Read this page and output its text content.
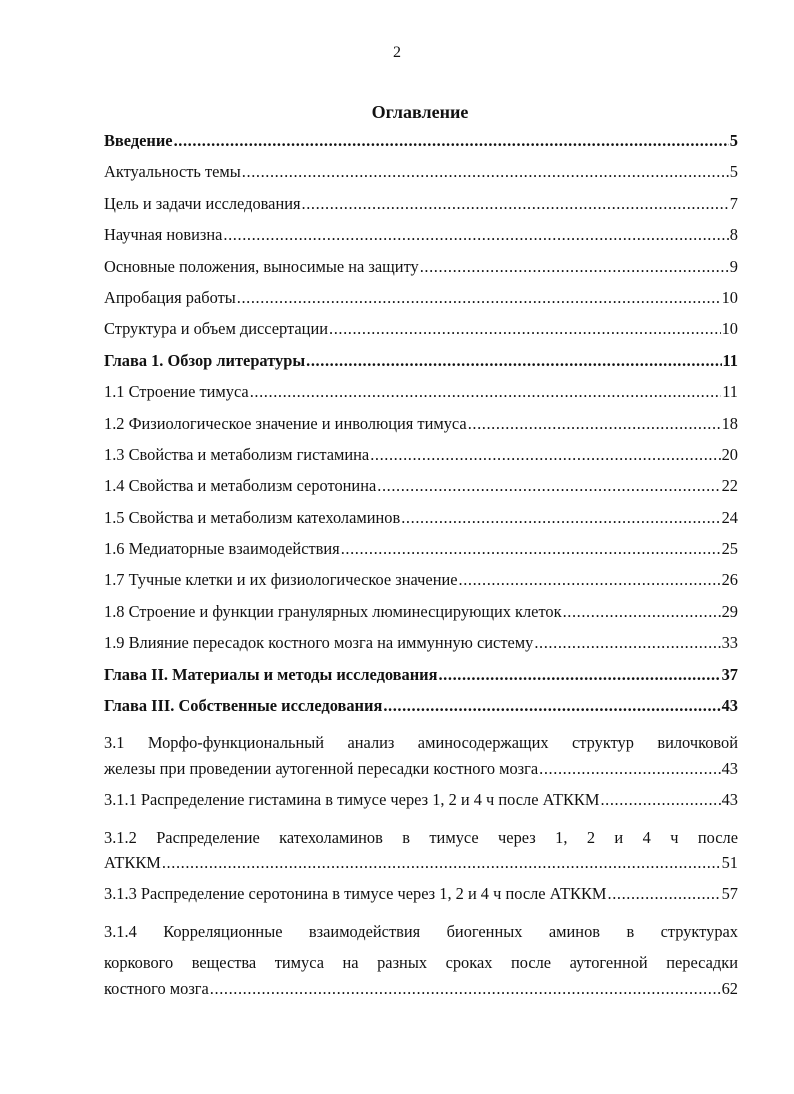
2
Оглавление
Введение .....	5
Актуальность темы .....	5
Цель и задачи исследования .....	7
Научная новизна .....	8
Основные положения, выносимые на защиту .....	9
Апробация работы .....	10
Структура и объем диссертации .....	10
Глава 1. Обзор литературы .....	11
1.1 Строение тимуса .....	11
1.2 Физиологическое значение и инволюция тимуса .....	18
1.3 Свойства и метаболизм гистамина .....	20
1.4 Свойства и метаболизм серотонина .....	22
1.5 Свойства и метаболизм катехоламинов .....	24
1.6 Медиаторные взаимодействия .....	25
1.7 Тучные клетки и их физиологическое значение .....	26
1.8 Строение и функции гранулярных люминесцирующих клеток .....	29
1.9 Влияние пересадок костного мозга на иммунную систему .....	33
Глава II. Материалы и методы исследования .....	37
Глава III. Собственные исследования .....	43
3.1 Морфо-функциональный анализ аминосодержащих структур вилочковой
железы при проведении аутогенной пересадки костного мозга .....	43
3.1.1 Распределение гистамина в тимусе через 1, 2 и 4 ч после АТККМ .....	43
3.1.2 Распределение катехоламинов в тимусе через 1, 2 и 4 ч после
АТККМ .....	51
3.1.3 Распределение серотонина в тимусе через 1, 2 и 4 ч после АТККМ .....	57
3.1.4 Корреляционные взаимодействия биогенных аминов в структурах
коркового вещества тимуса на разных сроках после аутогенной пересадки
костного мозга .....	62
